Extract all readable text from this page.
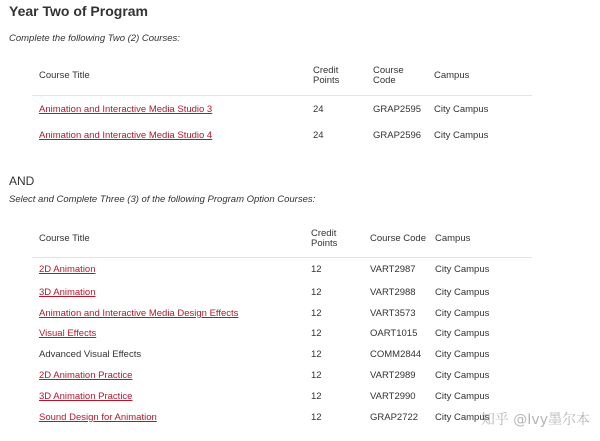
Year Two of Program

Complete the following Two (2) Courses:

Course Title	Credit Points	Course Code	Campus
Animation and Interactive Media Studio 3	24	GRAP2595	City Campus
Animation and Interactive Media Studio 4	24	GRAP2596	City Campus

AND

Select and Complete Three (3) of the following Program Option Courses:

Course Title	Credit Points	Course Code	Campus
2D Animation	12	VART2987	City Campus
3D Animation	12	VART2988	City Campus
Animation and Interactive Media Design Effects	12	VART3573	City Campus
Visual Effects	12	OART1015	City Campus
Advanced Visual Effects	12	COMM2844	City Campus
2D Animation Practice	12	VART2989	City Campus
3D Animation Practice	12	VART2990	City Campus
Sound Design for Animation	12	GRAP2722	City Campus

知乎 @Ivy墨尔本
